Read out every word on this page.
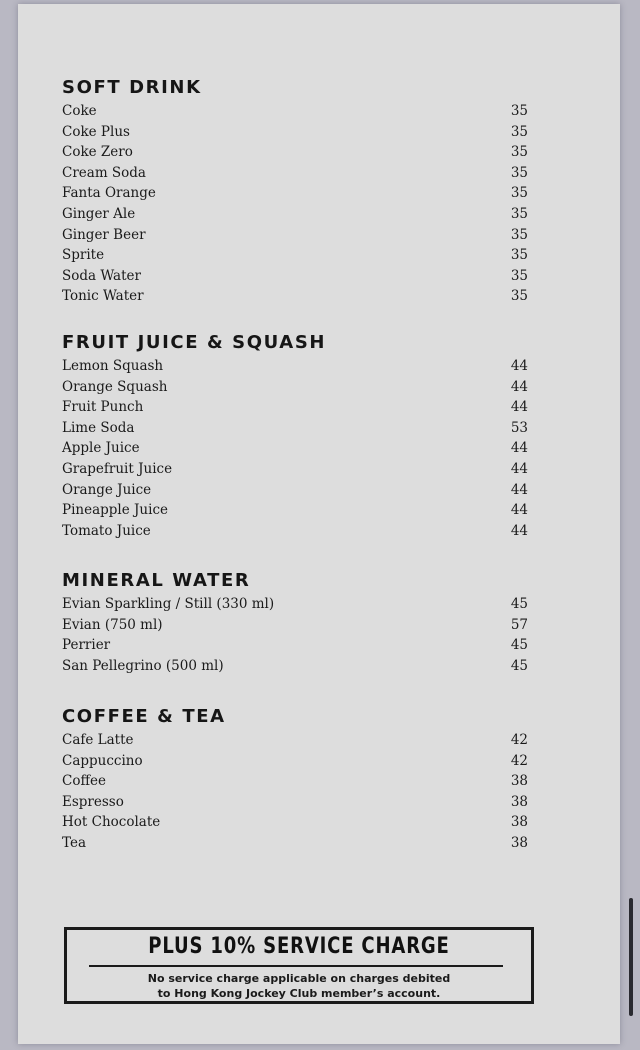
SOFT DRINK
Coke	35
Coke Plus	35
Coke Zero	35
Cream Soda	35
Fanta Orange	35
Ginger Ale	35
Ginger Beer	35
Sprite	35
Soda Water	35
Tonic Water	35
FRUIT JUICE & SQUASH
Lemon Squash	44
Orange Squash	44
Fruit Punch	44
Lime Soda	53
Apple Juice	44
Grapefruit Juice	44
Orange Juice	44
Pineapple Juice	44
Tomato Juice	44
MINERAL WATER
Evian Sparkling / Still (330 ml)	45
Evian (750 ml)	57
Perrier	45
San Pellegrino (500 ml)	45
COFFEE & TEA
Cafe Latte	42
Cappuccino	42
Coffee	38
Espresso	38
Hot Chocolate	38
Tea	38
PLUS 10% SERVICE CHARGE
No service charge applicable on charges debited
to Hong Kong Jockey Club member’s account.
